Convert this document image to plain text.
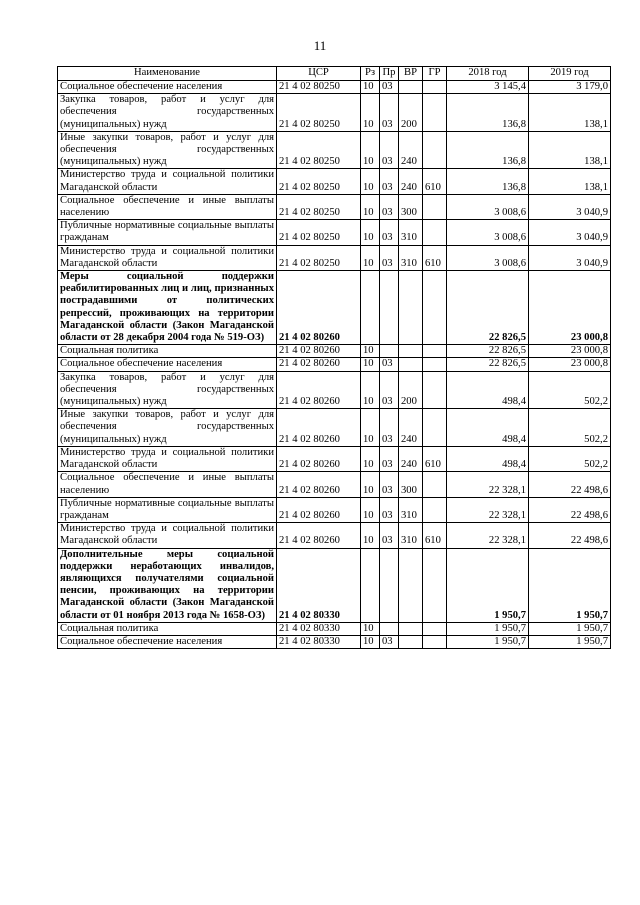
11
Наименование	ЦСР	Рз	Пр	ВР	ГР	2018 год	2019 год
Социальное обеспечение населения	21 4 02 80250	10	03			3 145,4	3 179,0
Закупка товаров, работ и услуг для обеспечения государственных (муниципальных) нужд	21 4 02 80250	10	03	200		136,8	138,1
Иные закупки товаров, работ и услуг для обеспечения государственных (муниципальных) нужд	21 4 02 80250	10	03	240		136,8	138,1
Министерство труда и социальной политики Магаданской области	21 4 02 80250	10	03	240	610	136,8	138,1
Социальное обеспечение и иные выплаты населению	21 4 02 80250	10	03	300		3 008,6	3 040,9
Публичные нормативные социальные выплаты гражданам	21 4 02 80250	10	03	310		3 008,6	3 040,9
Министерство труда и социальной политики Магаданской области	21 4 02 80250	10	03	310	610	3 008,6	3 040,9
Меры социальной поддержки реабилитированных лиц и лиц, признанных пострадавшими от политических репрессий, проживающих на территории Магаданской области (Закон Магаданской области от 28 декабря 2004 года № 519-ОЗ)	21 4 02 80260					22 826,5	23 000,8
Социальная политика	21 4 02 80260	10				22 826,5	23 000,8
Социальное обеспечение населения	21 4 02 80260	10	03			22 826,5	23 000,8
Закупка товаров, работ и услуг для обеспечения государственных (муниципальных) нужд	21 4 02 80260	10	03	200		498,4	502,2
Иные закупки товаров, работ и услуг для обеспечения государственных (муниципальных) нужд	21 4 02 80260	10	03	240		498,4	502,2
Министерство труда и социальной политики Магаданской области	21 4 02 80260	10	03	240	610	498,4	502,2
Социальное обеспечение и иные выплаты населению	21 4 02 80260	10	03	300		22 328,1	22 498,6
Публичные нормативные социальные выплаты гражданам	21 4 02 80260	10	03	310		22 328,1	22 498,6
Министерство труда и социальной политики Магаданской области	21 4 02 80260	10	03	310	610	22 328,1	22 498,6
Дополнительные меры социальной поддержки неработающих инвалидов, являющихся получателями социальной пенсии, проживающих на территории Магаданской области (Закон Магаданской области от 01 ноября 2013 года № 1658-ОЗ)	21 4 02 80330					1 950,7	1 950,7
Социальная политика	21 4 02 80330	10				1 950,7	1 950,7
Социальное обеспечение населения	21 4 02 80330	10	03			1 950,7	1 950,7
